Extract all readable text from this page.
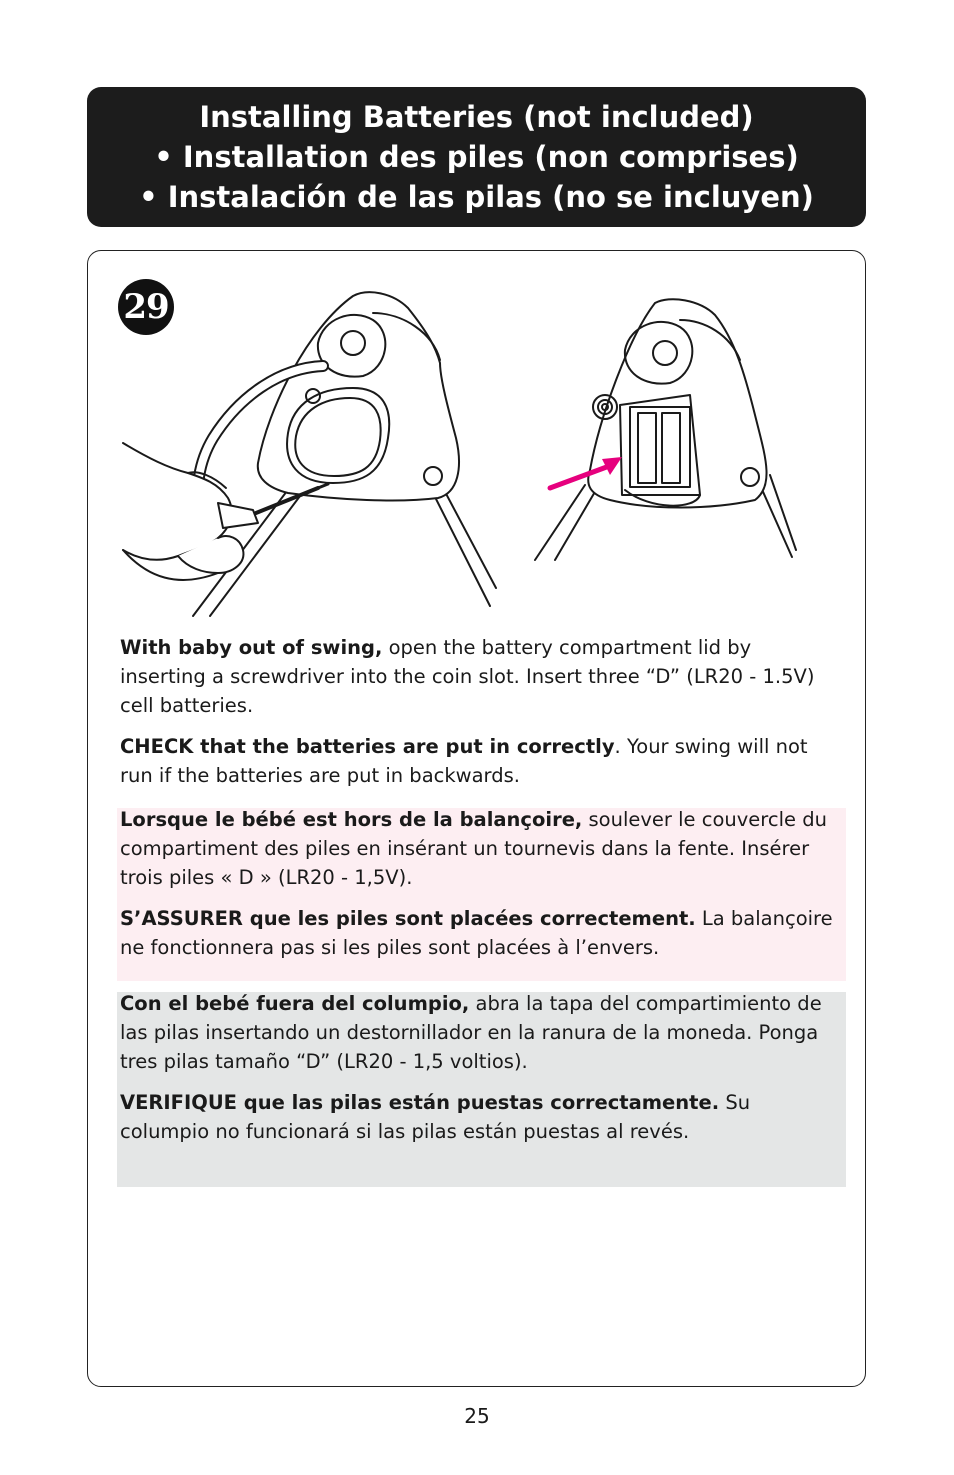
Installing Batteries (not included)
• Installation des piles (non comprises)
• Instalación de las pilas (no se incluyen)
29

With baby out of swing, open the battery compartment lid by inserting a screwdriver into the coin slot. Insert three “D” (LR20 - 1.5V) cell batteries.

CHECK that the batteries are put in correctly. Your swing will not run if the batteries are put in backwards.

Lorsque le bébé est hors de la balançoire, soulever le couvercle du compartiment des piles en insérant un tournevis dans la fente. Insérer trois piles « D » (LR20 - 1,5V).

S’ASSURER que les piles sont placées correctement. La balançoire ne fonctionnera pas si les piles sont placées à l’envers.

Con el bebé fuera del columpio, abra la tapa del compartimiento de las pilas insertando un destornillador en la ranura de la moneda. Ponga tres pilas tamaño “D” (LR20 - 1,5 voltios).

VERIFIQUE que las pilas están puestas correctamente. Su columpio no funcionará si las pilas están puestas al revés.

25
